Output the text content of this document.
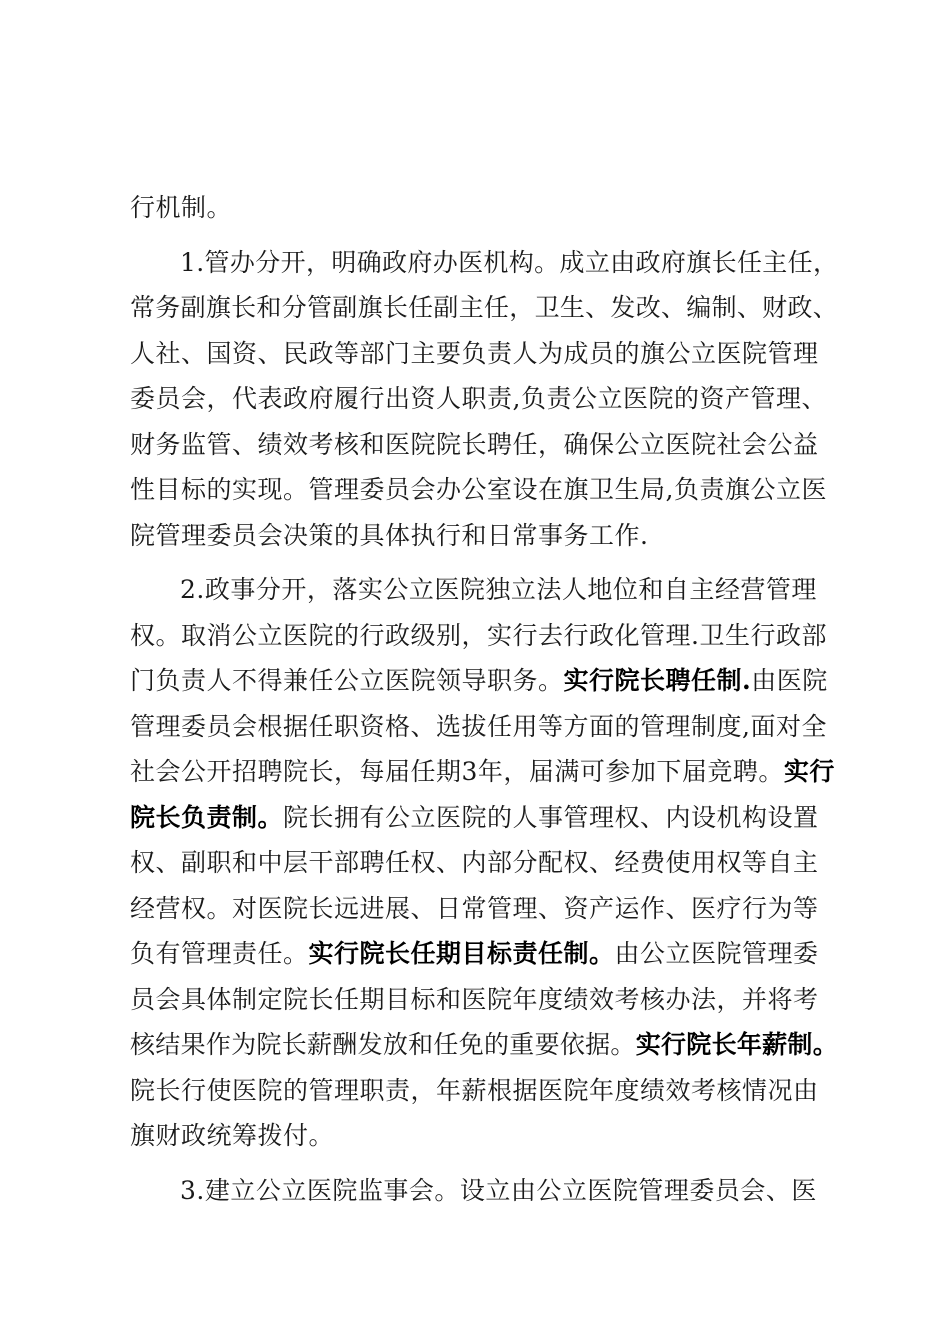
行机制。
1.管办分开，明确政府办医机构。成立由政府旗长任主任，
常务副旗长和分管副旗长任副主任，卫生、发改、编制、财政、
人社、国资、民政等部门主要负责人为成员的旗公立医院管理
委员会，代表政府履行出资人职责,负责公立医院的资产管理、
财务监管、绩效考核和医院院长聘任，确保公立医院社会公益
性目标的实现。管理委员会办公室设在旗卫生局,负责旗公立医
院管理委员会决策的具体执行和日常事务工作.
2.政事分开，落实公立医院独立法人地位和自主经营管理
权。取消公立医院的行政级别，实行去行政化管理.卫生行政部
门负责人不得兼任公立医院领导职务。实行院长聘任制.由医院
管理委员会根据任职资格、选拔任用等方面的管理制度,面对全
社会公开招聘院长，每届任期3年，届满可参加下届竞聘。实行
院长负责制。院长拥有公立医院的人事管理权、内设机构设置
权、副职和中层干部聘任权、内部分配权、经费使用权等自主
经营权。对医院长远进展、日常管理、资产运作、医疗行为等
负有管理责任。实行院长任期目标责任制。由公立医院管理委
员会具体制定院长任期目标和医院年度绩效考核办法，并将考
核结果作为院长薪酬发放和任免的重要依据。实行院长年薪制。
院长行使医院的管理职责，年薪根据医院年度绩效考核情况由
旗财政统筹拨付。
3.建立公立医院监事会。设立由公立医院管理委员会、医
